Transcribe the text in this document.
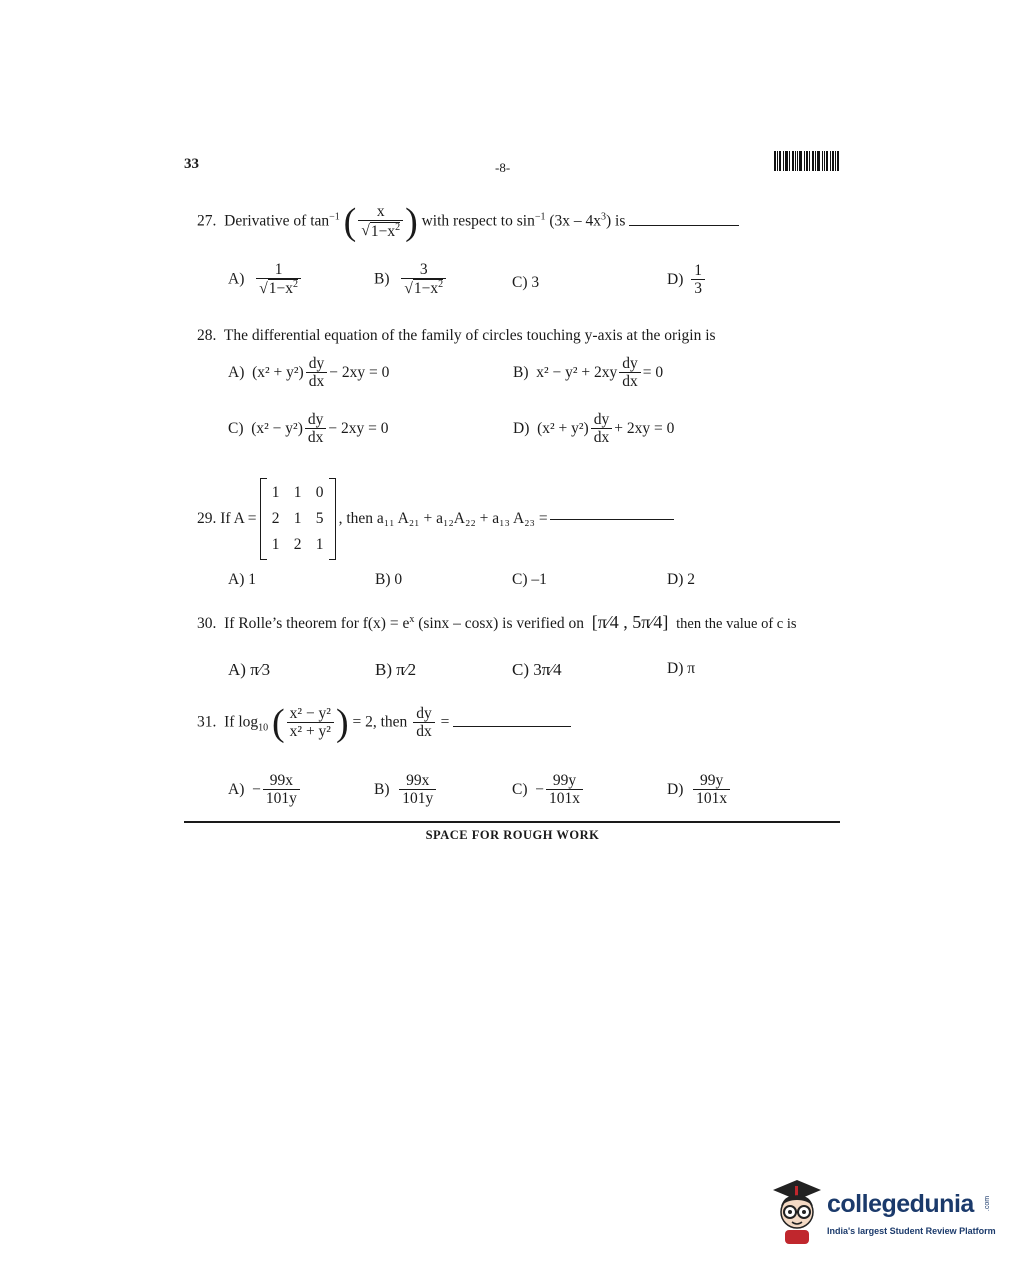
33	-8-
27. Derivative of $\tan^{-1}$ ( $\frac{x}{√1-x^2}$ ) with respect to $\sin^{-1} (3x - 4x^3)$ is
$A) \frac{1}{√1-x^2}$	$B) \frac{3}{√1-x^2}$	C) 3	$D) \frac{1}{3}$
28. The differential equation of the family of circles touching y-axis at the origin is
A) $(x^2 + y^2) \frac{dy}{dx} - 2xy = 0$	B) $x^2 - y^2 + 2xy \frac{dy}{dx} = 0$
C) $(x^2 - y^2) \frac{dy}{dx} - 2xy = 0$	D) $(x^2 + y^2) \frac{dy}{dx} + 2xy = 0$
29.
If A =
1 1 0
2 1 5
1 2 1
, then a₁₁ A₂₁ + a₁₂A₂₂ + a₁₃ A₂₃ =
A) 1	B) 0	C) –1	D) 2
30. If Rolle’s theorem for $f(x) = e^x$ (sinx – cosx) is verified on [π⁄4 , 5π⁄4] then the value of c is
A) π⁄3	B) π⁄2	C) 3π⁄4	D) π
31. If $\log_{10}$ ( $\frac{\text{x² − y²}}{\text{x² + y²}}$ ) = 2, then $\frac{dy}{dx}$ =
$A) - \frac{99x}{101y}$	$B) \frac{99x}{101y}$	$C) - \frac{99y}{101x}$	$D) \frac{99y}{101x}$
SPACE FOR ROUGH WORK
collegedunia .com
India's largest Student Review Platform
